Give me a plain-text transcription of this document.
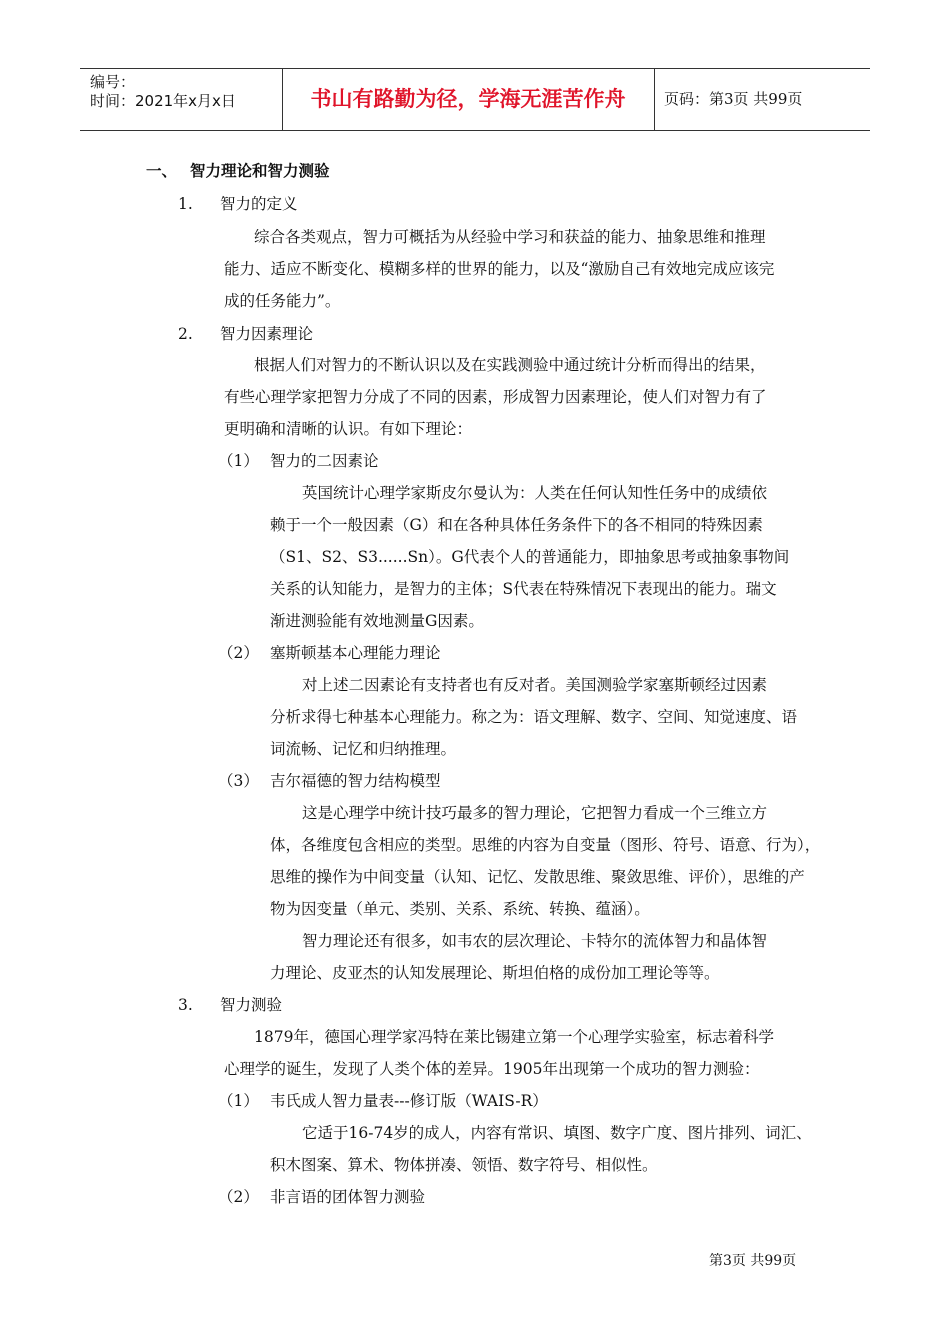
编号：
时间：2021年x月x日	书山有路勤为径，学海无涯苦作舟	页码：第3页 共99页
一、 智力理论和智力测验
1. 智力的定义
综合各类观点，智力可概括为从经验中学习和获益的能力、抽象思维和推理
能力、适应不断变化、模糊多样的世界的能力，以及“激励自己有效地完成应该完
成的任务能力”。
2. 智力因素理论
根据人们对智力的不断认识以及在实践测验中通过统计分析而得出的结果，
有些心理学家把智力分成了不同的因素，形成智力因素理论，使人们对智力有了
更明确和清晰的认识。有如下理论：
（1） 智力的二因素论
英国统计心理学家斯皮尔曼认为：人类在任何认知性任务中的成绩依
赖于一个一般因素（G）和在各种具体任务条件下的各不相同的特殊因素
（S1、S2、S3......Sn）。G代表个人的普通能力，即抽象思考或抽象事物间
关系的认知能力，是智力的主体；S代表在特殊情况下表现出的能力。瑞文
渐进测验能有效地测量G因素。
（2） 塞斯顿基本心理能力理论
对上述二因素论有支持者也有反对者。美国测验学家塞斯顿经过因素
分析求得七种基本心理能力。称之为：语文理解、数字、空间、知觉速度、语
词流畅、记忆和归纳推理。
（3） 吉尔福德的智力结构模型
这是心理学中统计技巧最多的智力理论，它把智力看成一个三维立方
体，各维度包含相应的类型。思维的内容为自变量（图形、符号、语意、行为），
思维的操作为中间变量（认知、记忆、发散思维、聚敛思维、评价），思维的产
物为因变量（单元、类别、关系、系统、转换、蕴涵）。
智力理论还有很多，如韦农的层次理论、卡特尔的流体智力和晶体智
力理论、皮亚杰的认知发展理论、斯坦伯格的成份加工理论等等。
3. 智力测验
1879年，德国心理学家冯特在莱比锡建立第一个心理学实验室，标志着科学
心理学的诞生，发现了人类个体的差异。1905年出现第一个成功的智力测验：
（1） 韦氏成人智力量表---修订版（WAIS-R）
它适于16-74岁的成人，内容有常识、填图、数字广度、图片排列、词汇、
积木图案、算术、物体拼凑、领悟、数字符号、相似性。
（2） 非言语的团体智力测验
第3页 共99页
